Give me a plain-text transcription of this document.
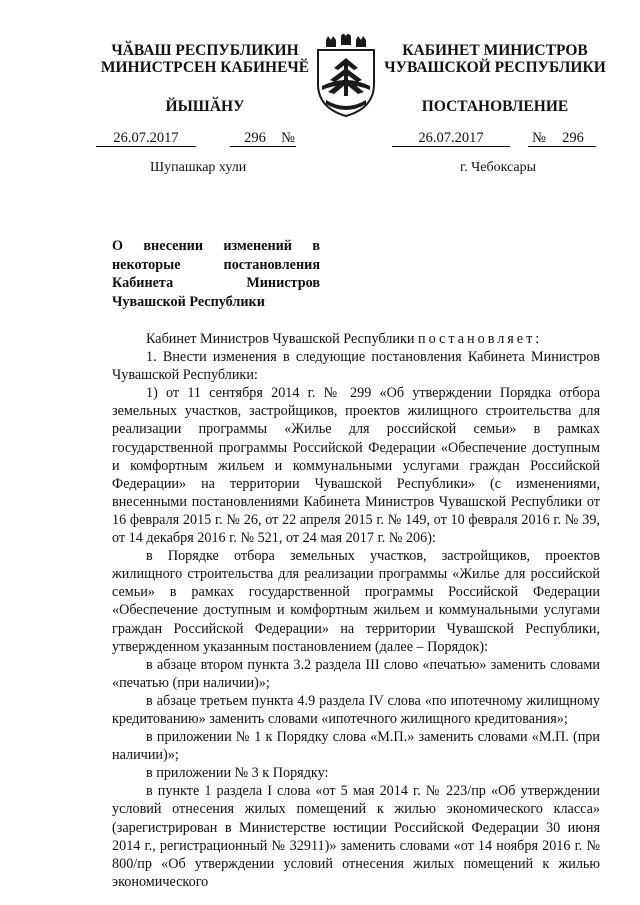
ЧӐВАШ РЕСПУБЛИКИН
МИНИСТРСЕН КАБИНЕЧӖ
ЙЫШӐНУ
КАБИНЕТ МИНИСТРОВ
ЧУВАШСКОЙ РЕСПУБЛИКИ
ПОСТАНОВЛЕНИЕ
26.07.2017	296 №	26.07.2017	№ 296
Шупашкар хули	г. Чебоксары
О внесении изменений в некоторые постановления Кабинета Министров Чувашской Республики

Кабинет Министров Чувашской Республики постановляет:

1. Внести изменения в следующие постановления Кабинета Министров Чувашской Республики:

1) от 11 сентября 2014 г. № 299 «Об утверждении Порядка отбора земельных участков, застройщиков, проектов жилищного строительства для реализации программы «Жилье для российской семьи» в рамках государственной программы Российской Федерации «Обеспечение доступным и комфортным жильем и коммунальными услугами граждан Российской Федерации» на территории Чувашской Республики» (с изменениями, внесенными постановлениями Кабинета Министров Чувашской Республики от 16 февраля 2015 г. № 26, от 22 апреля 2015 г. № 149, от 10 февраля 2016 г. № 39, от 14 декабря 2016 г. № 521, от 24 мая 2017 г. № 206):

в Порядке отбора земельных участков, застройщиков, проектов жилищного строительства для реализации программы «Жилье для российской семьи» в рамках государственной программы Российской Федерации «Обеспечение доступным и комфортным жильем и коммунальными услугами граждан Российской Федерации» на территории Чувашской Республики, утвержденном указанным постановлением (далее – Порядок):

в абзаце втором пункта 3.2 раздела III слово «печатью» заменить словами «печатью (при наличии)»;

в абзаце третьем пункта 4.9 раздела IV слова «по ипотечному жилищному кредитованию» заменить словами «ипотечного жилищного кредитования»;

в приложении № 1 к Порядку слова «М.П.» заменить словами «М.П. (при наличии)»;

в приложении № 3 к Порядку:

в пункте 1 раздела I слова «от 5 мая 2014 г. № 223/пр «Об утверждении условий отнесения жилых помещений к жилью экономического класса» (зарегистрирован в Министерстве юстиции Российской Федерации 30 июня 2014 г., регистрационный № 32911)» заменить словами «от 14 ноября 2016 г. № 800/пр «Об утверждении условий отнесения жилых помещений к жилью экономического
